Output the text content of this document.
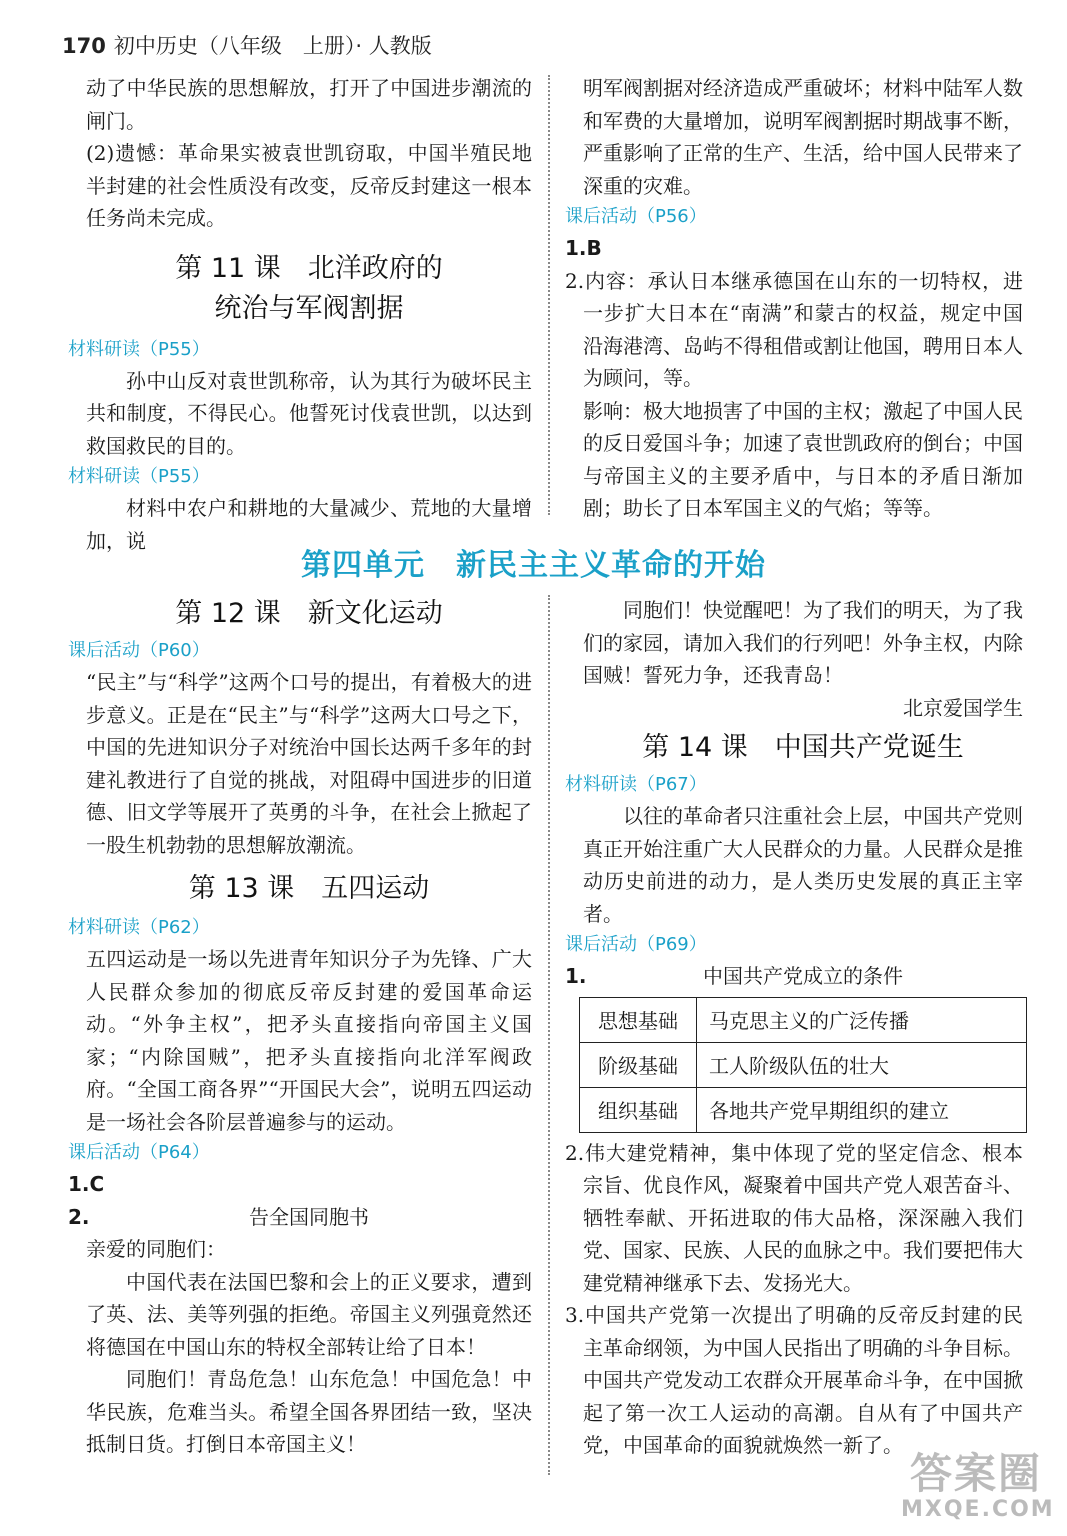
170 初中历史（八年级　上册）· 人教版

动了中华民族的思想解放，打开了中国进步潮流的闸门。

(2)遗憾：革命果实被袁世凯窃取，中国半殖民地半封建的社会性质没有改变，反帝反封建这一根本任务尚未完成。

第 11 课　北洋政府的

统治与军阀割据

材料研读（P55）

孙中山反对袁世凯称帝，认为其行为破坏民主共和制度，不得民心。他誓死讨伐袁世凯，以达到救国救民的目的。

材料研读（P55）

材料中农户和耕地的大量减少、荒地的大量增加，说

明军阀割据对经济造成严重破坏；材料中陆军人数和军费的大量增加，说明军阀割据时期战事不断，严重影响了正常的生产、生活，给中国人民带来了深重的灾难。

课后活动（P56）

1.B

2.内容：承认日本继承德国在山东的一切特权，进一步扩大日本在“南满”和蒙古的权益，规定中国沿海港湾、岛屿不得租借或割让他国，聘用日本人为顾问，等。

影响：极大地损害了中国的主权；激起了中国人民的反日爱国斗争；加速了袁世凯政府的倒台；中国与帝国主义的主要矛盾中，与日本的矛盾日渐加剧；助长了日本军国主义的气焰；等等。

第四单元　新民主主义革命的开始

第 12 课　新文化运动

课后活动（P60）

“民主”与“科学”这两个口号的提出，有着极大的进步意义。正是在“民主”与“科学”这两大口号之下，中国的先进知识分子对统治中国长达两千多年的封建礼教进行了自觉的挑战，对阻碍中国进步的旧道德、旧文学等展开了英勇的斗争，在社会上掀起了一股生机勃勃的思想解放潮流。

第 13 课　五四运动

材料研读（P62）

五四运动是一场以先进青年知识分子为先锋、广大人民群众参加的彻底反帝反封建的爱国革命运动。“外争主权”，把矛头直接指向帝国主义国家；“内除国贼”，把矛头直接指向北洋军阀政府。“全国工商各界”“开国民大会”，说明五四运动是一场社会各阶层普遍参与的运动。

课后活动（P64）

1.C

2.	告全国同胞书

亲爱的同胞们：

中国代表在法国巴黎和会上的正义要求，遭到了英、法、美等列强的拒绝。帝国主义列强竟然还将德国在中国山东的特权全部转让给了日本！

同胞们！青岛危急！山东危急！中国危急！中华民族，危难当头。希望全国各界团结一致，坚决抵制日货。打倒日本帝国主义！

同胞们！快觉醒吧！为了我们的明天，为了我们的家园，请加入我们的行列吧！外争主权，内除国贼！誓死力争，还我青岛！

北京爱国学生

第 14 课　中国共产党诞生

材料研读（P67）

以往的革命者只注重社会上层，中国共产党则真正开始注重广大人民群众的力量。人民群众是推动历史前进的动力，是人类历史发展的真正主宰者。

课后活动（P69）

1.	中国共产党成立的条件

思想基础	马克思主义的广泛传播
阶级基础	工人阶级队伍的壮大
组织基础	各地共产党早期组织的建立

2.伟大建党精神，集中体现了党的坚定信念、根本宗旨、优良作风，凝聚着中国共产党人艰苦奋斗、牺牲奉献、开拓进取的伟大品格，深深融入我们党、国家、民族、人民的血脉之中。我们要把伟大建党精神继承下去、发扬光大。

3.中国共产党第一次提出了明确的反帝反封建的民主革命纲领，为中国人民指出了明确的斗争目标。中国共产党发动工农群众开展革命斗争，在中国掀起了第一次工人运动的高潮。自从有了中国共产党，中国革命的面貌就焕然一新了。

答案圈
MXQE.COM
